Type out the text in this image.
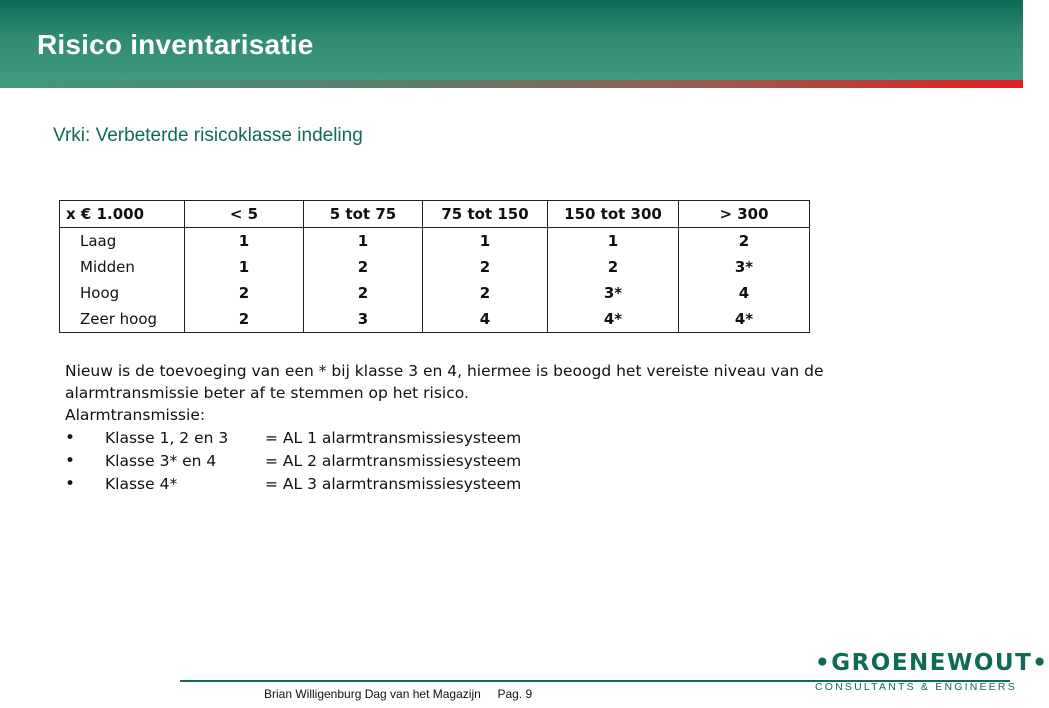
Risico inventarisatie
Vrki: Verbeterde risicoklasse indeling
x € 1.000	< 5	5 tot 75	75 tot 150	150 tot 300	> 300
Laag	1	1	1	1	2
Midden	1	2	2	2	3*
Hoog	2	2	2	3*	4
Zeer hoog	2	3	4	4*	4*

Nieuw is de toevoeging van een * bij klasse 3 en 4, hiermee is beoogd het vereiste niveau van de

alarmtransmissie beter af te stemmen op het risico.

Alarmtransmissie:

•	Klasse 1, 2 en 3	= AL 1 alarmtransmissiesysteem
•	Klasse 3* en 4	= AL 2 alarmtransmissiesysteem
•	Klasse 4*	= AL 3 alarmtransmissiesysteem
Brian Willigenburg Dag van het Magazijn     Pag. 9
•GROENEWOUT•
CONSULTANTS & ENGINEERS
